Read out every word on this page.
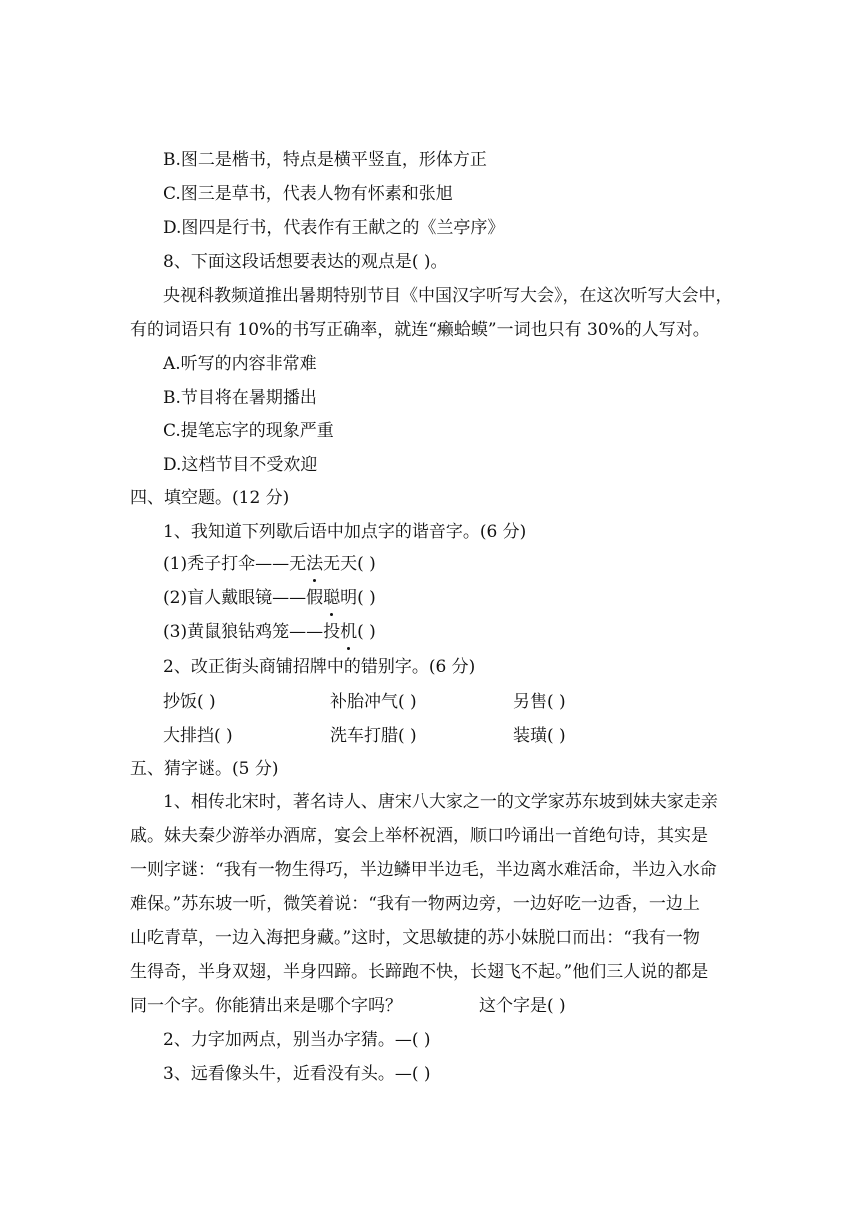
B.图二是楷书，特点是横平竖直，形体方正
C.图三是草书，代表人物有怀素和张旭
D.图四是行书，代表作有王献之的《兰亭序》
8、下面这段话想要表达的观点是( )。
央视科教频道推出暑期特别节目《中国汉字听写大会》，在这次听写大会中，
有的词语只有 10%的书写正确率，就连“癞蛤蟆”一词也只有 30%的人写对。
A.听写的内容非常难
B.节目将在暑期播出
C.提笔忘字的现象严重
D.这档节目不受欢迎
四、填空题。(12 分)
1、我知道下列歇后语中加点字的谐音字。(6 分)
(1)秃子打伞——无法无天( )
(2)盲人戴眼镜——假聪明( )
(3)黄鼠狼钻鸡笼——投机( )
2、改正街头商铺招牌中的错别字。(6 分)
抄饭( )	补胎冲气( )	另售( )
大排挡( )	洗车打腊( )	装璜( )
五、猜字谜。(5 分)
1、相传北宋时，著名诗人、唐宋八大家之一的文学家苏东坡到妹夫家走亲
戚。妹夫秦少游举办酒席，宴会上举杯祝酒，顺口吟诵出一首绝句诗，其实是
一则字谜：“我有一物生得巧，半边鳞甲半边毛，半边离水难活命，半边入水命
难保。”苏东坡一听，微笑着说：“我有一物两边旁，一边好吃一边香，一边上
山吃青草，一边入海把身藏。”这时，文思敏捷的苏小妹脱口而出：“我有一物
生得奇，半身双翅，半身四蹄。长蹄跑不快，长翅飞不起。”他们三人说的都是
同一个字。你能猜出来是哪个字吗？	这个字是( )
2、力字加两点，别当办字猜。—( )
3、远看像头牛，近看没有头。—( )
